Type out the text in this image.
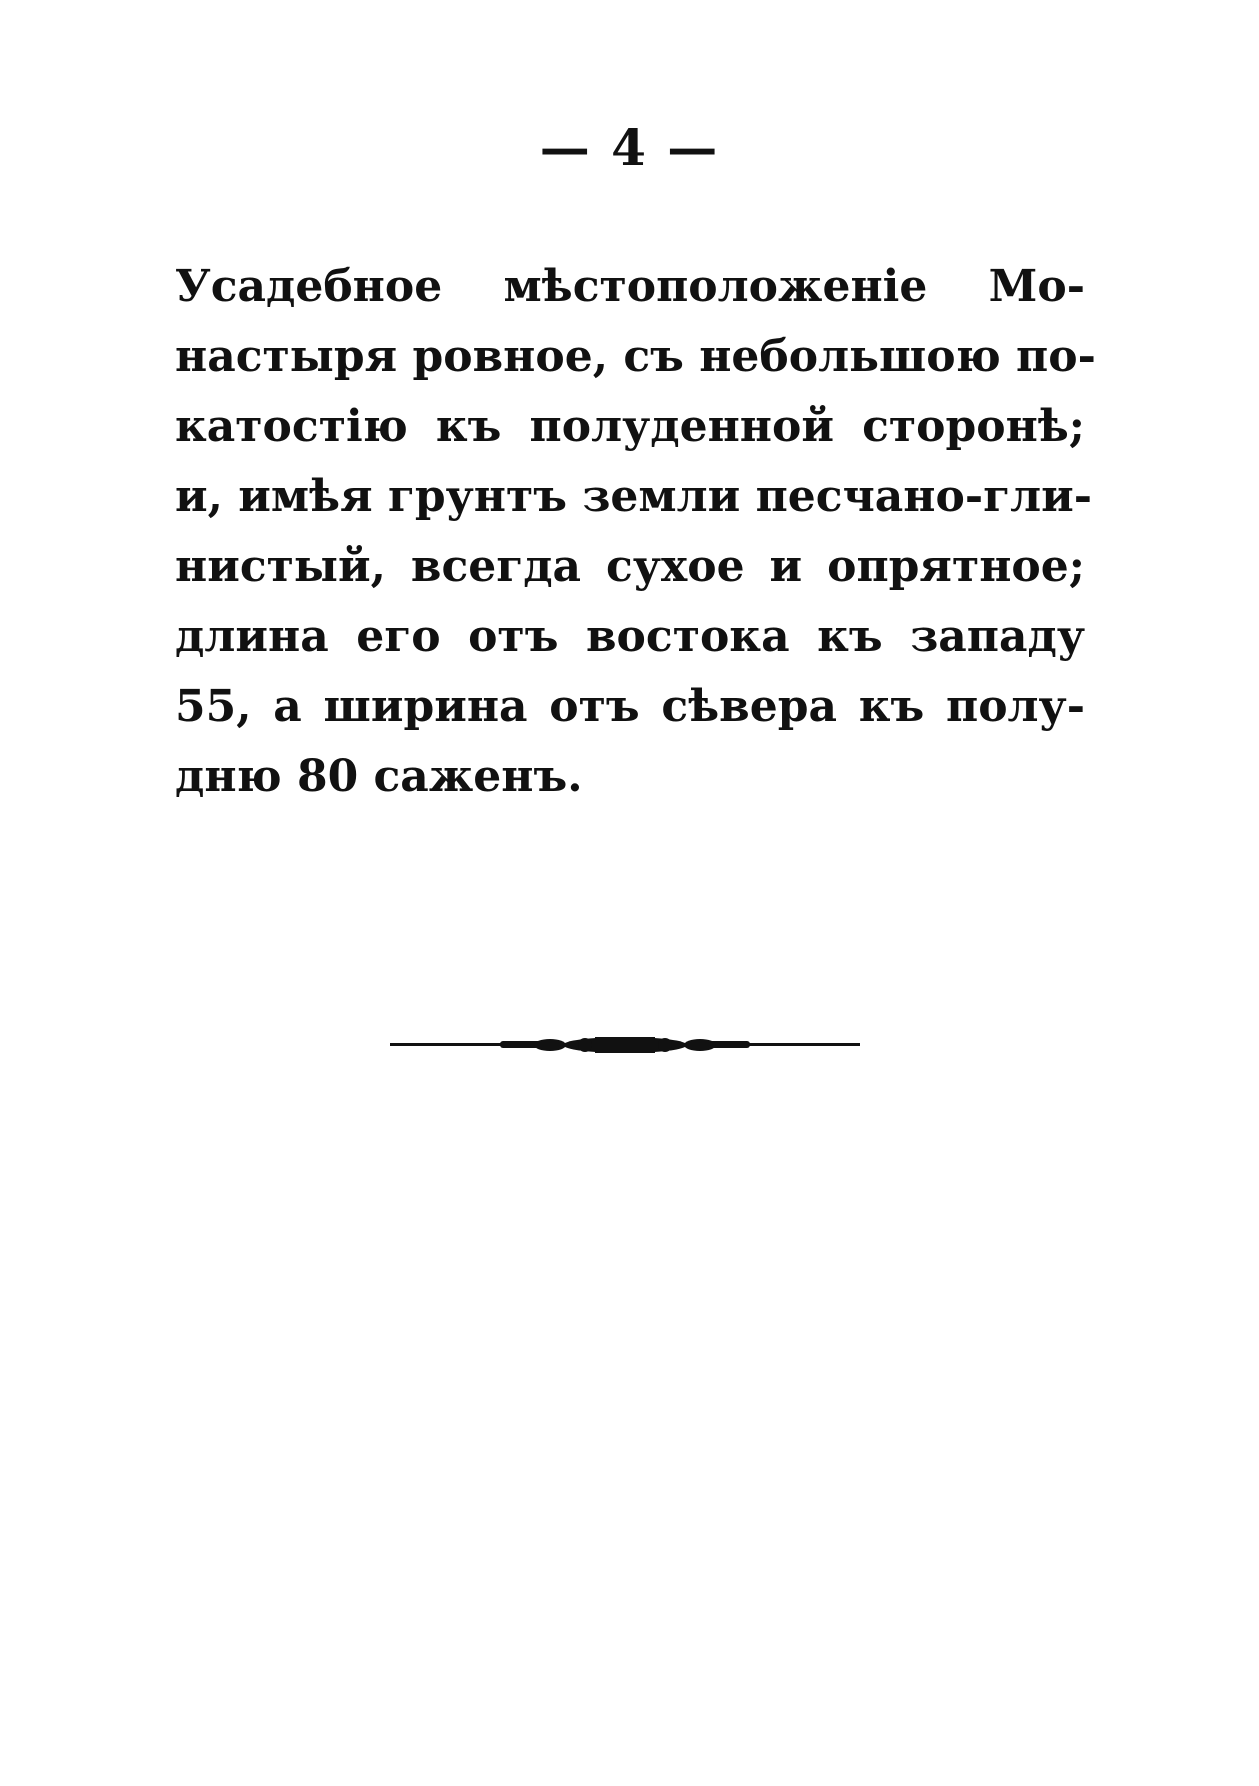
— 4 —
Усадебное мѣстоположеніе Мо-
настыря ровное, съ небольшою по-
катостію къ полуденной сторонѣ;
и, имѣя грунтъ земли песчано-гли-
нистый, всегда сухое и опрятное;
длина его отъ востока къ западу
55, а ширина отъ сѣвера къ полу-
дню 80 саженъ.
